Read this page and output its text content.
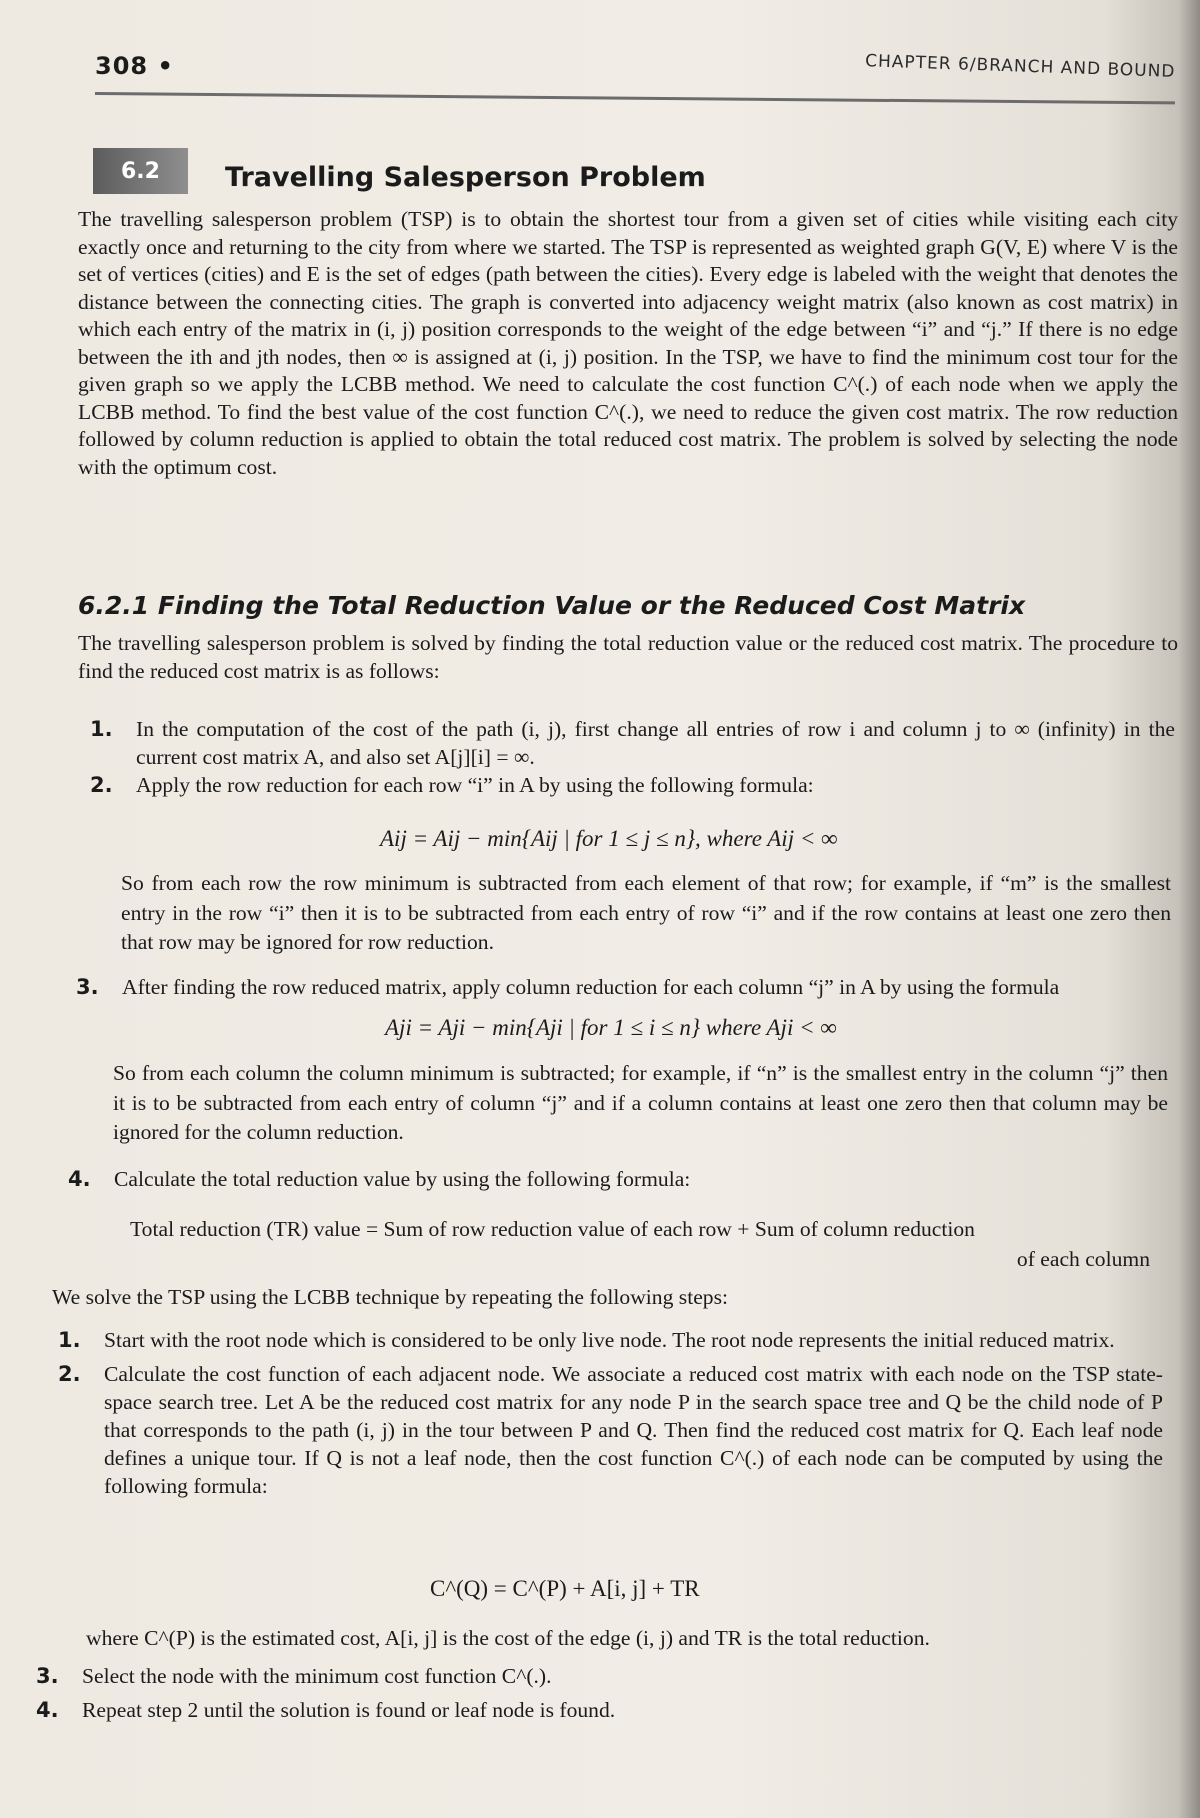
308 •	CHAPTER 6/BRANCH AND BOUND
6.2	Travelling Salesperson Problem

The travelling salesperson problem (TSP) is to obtain the shortest tour from a given set of cities while visiting each city exactly once and returning to the city from where we started. The TSP is represented as weighted graph G(V, E) where V is the set of vertices (cities) and E is the set of edges (path between the cities). Every edge is labeled with the weight that denotes the distance between the connecting cities. The graph is converted into adjacency weight matrix (also known as cost matrix) in which each entry of the matrix in (i, j) position corresponds to the weight of the edge between “i” and “j.” If there is no edge between the ith and jth nodes, then ∞ is assigned at (i, j) position. In the TSP, we have to find the minimum cost tour for the given graph so we apply the LCBB method. We need to calculate the cost function C^(.) of each node when we apply the LCBB method. To find the best value of the cost function C^(.), we need to reduce the given cost matrix. The row reduction followed by column reduction is applied to obtain the total reduced cost matrix. The problem is solved by selecting the node with the optimum cost.

6.2.1 Finding the Total Reduction Value or the Reduced Cost Matrix

The travelling salesperson problem is solved by finding the total reduction value or the reduced cost matrix. The procedure to find the reduced cost matrix is as follows:

1. In the computation of the cost of the path (i, j), first change all entries of row i and column j to ∞ (infinity) in the current cost matrix A, and also set A[j][i] = ∞.
2. Apply the row reduction for each row “i” in A by using the following formula:
Aij = Aij − min{Aij | for 1 ≤ j ≤ n}, where Aij < ∞

So from each row the row minimum is subtracted from each element of that row; for example, if “m” is the smallest entry in the row “i” then it is to be subtracted from each entry of row “i” and if the row contains at least one zero then that row may be ignored for row reduction.

3. After finding the row reduced matrix, apply column reduction for each column “j” in A by using the formula
Aji = Aji − min{Aji | for 1 ≤ i ≤ n} where Aji < ∞

So from each column the column minimum is subtracted; for example, if “n” is the smallest entry in the column “j” then it is to be subtracted from each entry of column “j” and if a column contains at least one zero then that column may be ignored for the column reduction.

4. Calculate the total reduction value by using the following formula:
Total reduction (TR) value = Sum of row reduction value of each row + Sum of column reduction
of each column

We solve the TSP using the LCBB technique by repeating the following steps:

1. Start with the root node which is considered to be only live node. The root node represents the initial reduced matrix.
2. Calculate the cost function of each adjacent node. We associate a reduced cost matrix with each node on the TSP state-space search tree. Let A be the reduced cost matrix for any node P in the search space tree and Q be the child node of P that corresponds to the path (i, j) in the tour between P and Q. Then find the reduced cost matrix for Q. Each leaf node defines a unique tour. If Q is not a leaf node, then the cost function C^(.) of each node can be computed by using the following formula:
C^(Q) = C^(P) + A[i, j] + TR

where C^(P) is the estimated cost, A[i, j] is the cost of the edge (i, j) and TR is the total reduction.

3. Select the node with the minimum cost function C^(.).
4. Repeat step 2 until the solution is found or leaf node is found.
